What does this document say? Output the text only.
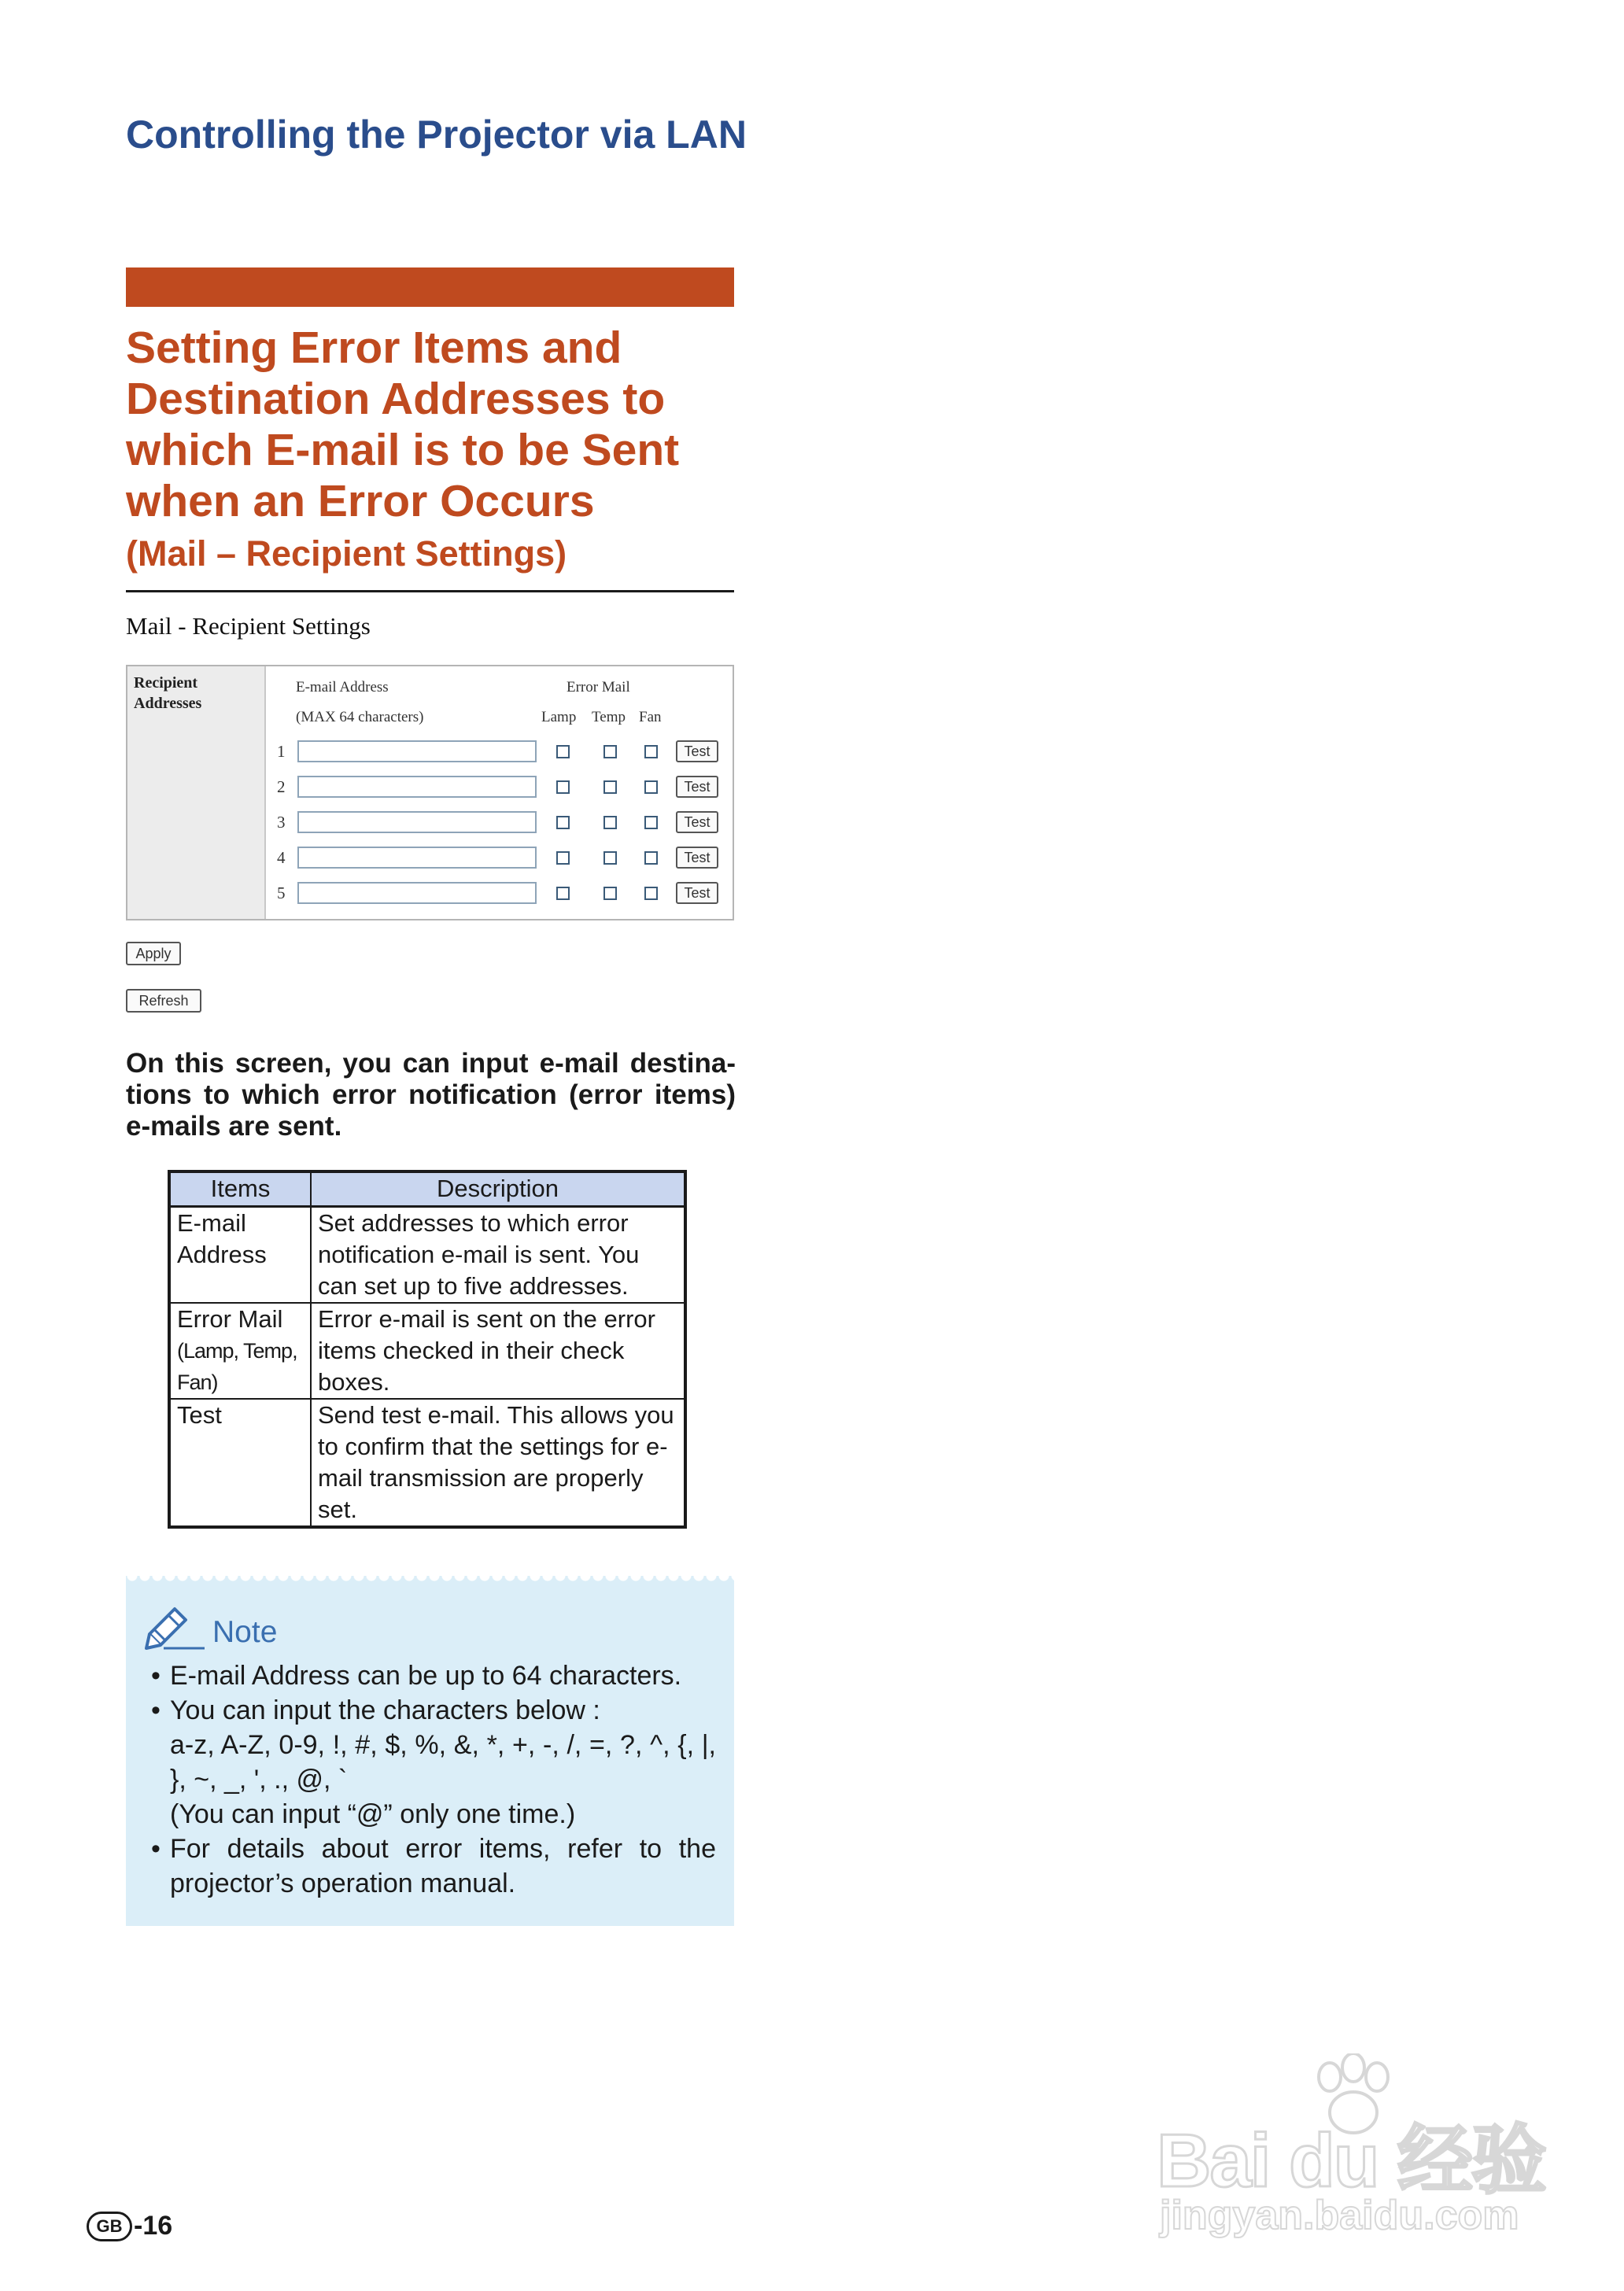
Controlling the Projector via LAN
Setting Error Items and
Destination Addresses to
which E-mail is to be Sent
when an Error Occurs
(Mail – Recipient Settings)
Mail - Recipient Settings
Recipient Addresses
E-mail Address
(MAX 64 characters)
Error Mail
Lamp Temp Fan
1	Test
2	Test
3	Test
4	Test
5	Test
Apply
Refresh
On this screen, you can input e-mail destina-tions to which error notification (error items) e-mails are sent.
Items	Description
E-mail Address	Set addresses to which error notification e-mail is sent. You can set up to five addresses.

Error Mail
(Lamp, Temp, Fan)	Error e-mail is sent on the error items checked in their check boxes.
Test	Send test e-mail. This allows you to confirm that the settings for e-mail transmission are properly set.
Note
• E-mail Address can be up to 64 characters.
• You can input the characters below :
a-z, A-Z, 0-9, !, #, $, %, &, *, +, -, /, =, ?, ^, {, |,
}, ~, _, ', ., @, `
(You can input “@” only one time.)
• For details about error items, refer to the
projector’s operation manual.
GB -16
Bai du 经验
jingyan.baidu.com
